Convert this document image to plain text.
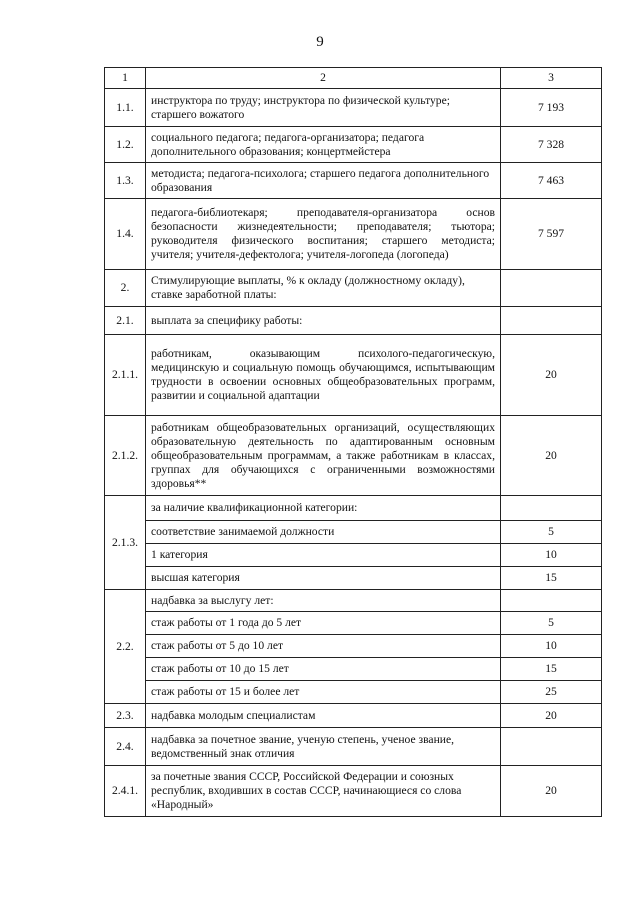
9
1	2	3
1.1.	инструктора по труду; инструктора по физической культуре; старшего вожатого	7 193
1.2.	социального педагога; педагога-организатора; педагога дополнительного образования; концертмейстера	7 328
1.3.	методиста; педагога-психолога; старшего педагога дополнительного образования	7 463
1.4.	педагога-библиотекаря; преподавателя-организатора основ безопасности жизнедеятельности; преподавателя; тьютора; руководителя физического воспитания; старшего методиста; учителя; учителя-дефектолога; учителя-логопеда (логопеда)	7 597
2.	Стимулирующие выплаты, % к окладу (должностному окладу), ставке заработной платы:	
2.1.	выплата за специфику работы:	
2.1.1.	работникам, оказывающим психолого-педагогическую, медицинскую и социальную помощь обучающимся, испытывающим трудности в освоении основных общеобразовательных программ, развитии и социальной адаптации	20
2.1.2.	работникам общеобразовательных организаций, осуществляющих образовательную деятельность по адаптированным основным общеобразовательным программам, а также работникам в классах, группах для обучающихся с ограниченными возможностями здоровья**	20
2.1.3.	за наличие квалификационной категории:	
	соответствие занимаемой должности	5
	1 категория	10
	высшая категория	15
2.2.	надбавка за выслугу лет:	
	стаж работы от 1 года до 5 лет	5
	стаж работы от 5 до 10 лет	10
	стаж работы от 10 до 15 лет	15
	стаж работы от 15 и более лет	25
2.3.	надбавка молодым специалистам	20
2.4.	надбавка за почетное звание, ученую степень, ученое звание, ведомственный знак отличия	
2.4.1.	за почетные звания СССР, Российской Федерации и союзных республик, входивших в состав СССР, начинающиеся со слова «Народный»	20
